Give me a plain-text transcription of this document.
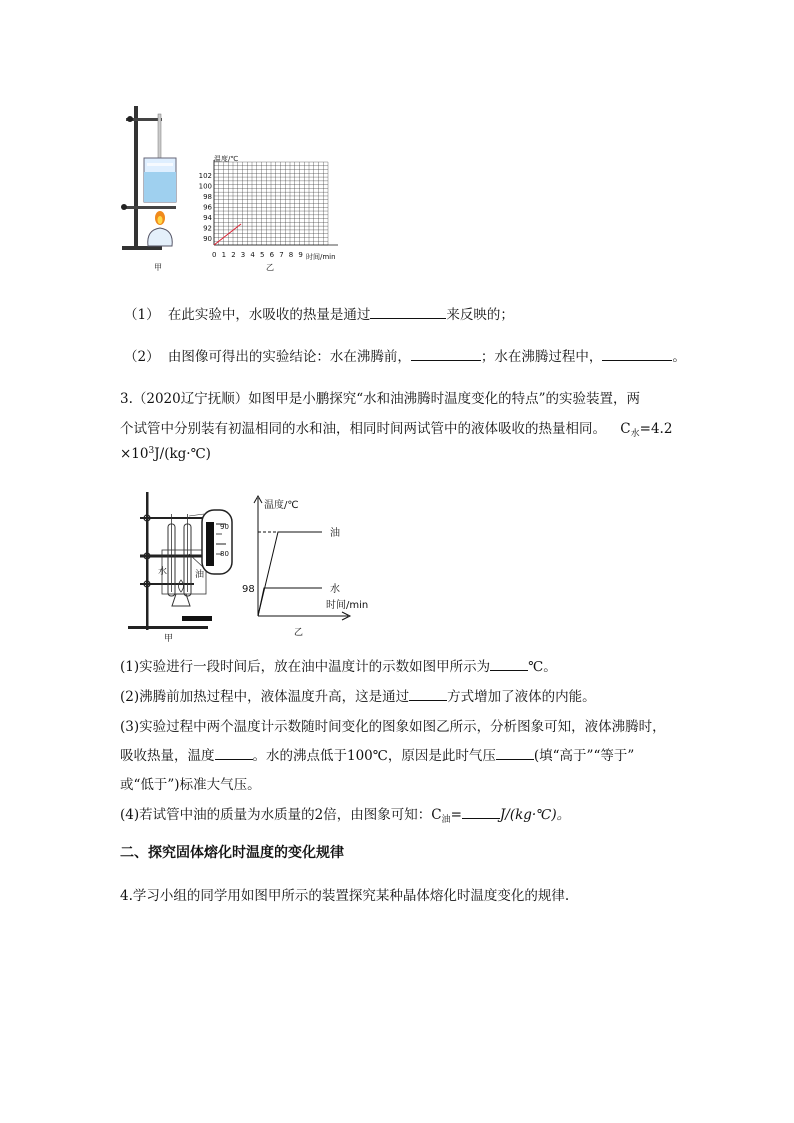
温度/℃
102
100
98
96
94
92
90
0 1 2 3 4 5 6 7 8 9 时间/min
甲	乙
（1） 在此实验中，水吸收的热量是通过	来反映的；
（2） 由图像可得出的实验结论：水在沸腾前，	；水在沸腾过程中，	。
3.（2020辽宁抚顺）如图甲是小鹏探究“水和油沸腾时温度变化的特点”的实验装置，两
个试管中分别装有初温相同的水和油，相同时间两试管中的液体吸收的热量相同。 $C_水=4.2$
$\times 10^3J/(kg\cdot℃)$
水	油
90
80
甲
温度/℃
时间/min
油
水
98
乙
(1)实验进行一段时间后，放在油中温度计的示数如图甲所示为	℃。
(2)沸腾前加热过程中，液体温度升高，这是通过	方式增加了液体的内能。
(3)实验过程中两个温度计示数随时间变化的图象如图乙所示，分析图象可知，液体沸腾时，
吸收热量，温度	。水的沸点低于100℃，原因是此时气压	(填“高于”“等于”
或“低于”)标准大气压。
(4)若试管中油的质量为水质量的2倍，由图象可知：$C_油=$	J/(kg·℃)。
二、探究固体熔化时温度的变化规律
4.学习小组的同学用如图甲所示的装置探究某种晶体熔化时温度变化的规律.
